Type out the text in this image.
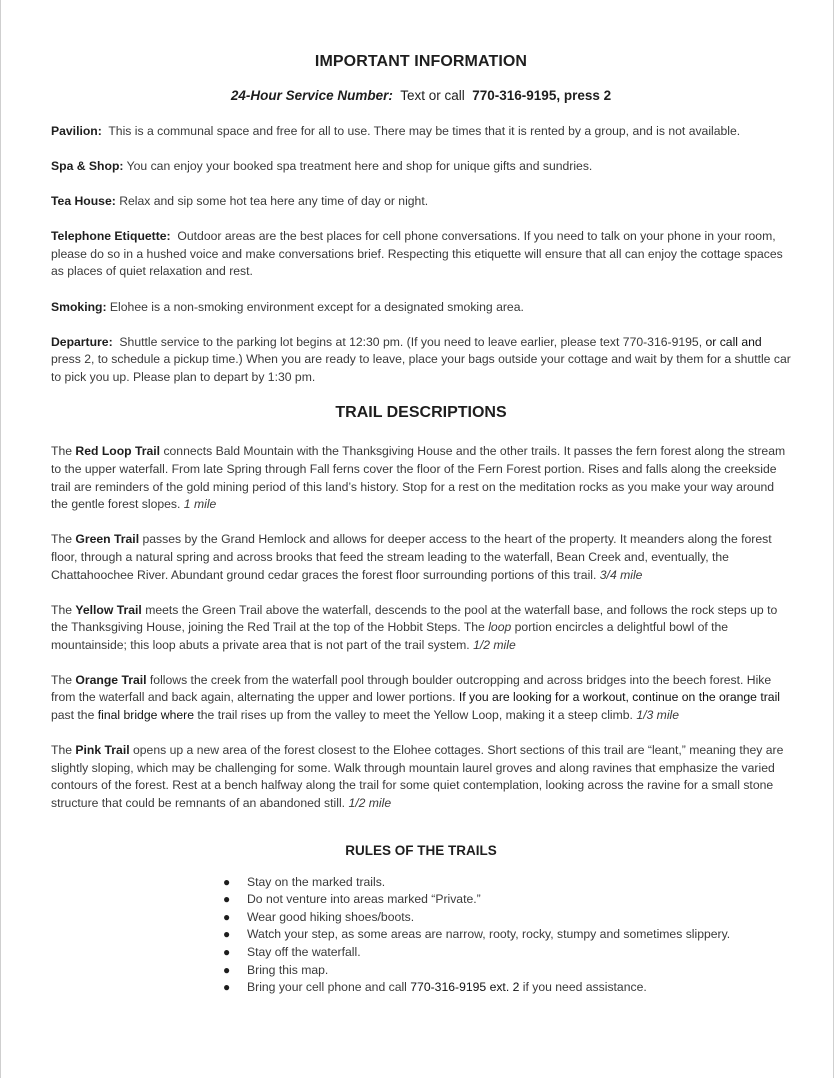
IMPORTANT INFORMATION
24-Hour Service Number: Text or call 770-316-9195, press 2

Pavilion: This is a communal space and free for all to use. There may be times that it is rented by a group, and is not available.

Spa & Shop: You can enjoy your booked spa treatment here and shop for unique gifts and sundries.

Tea House: Relax and sip some hot tea here any time of day or night.

Telephone Etiquette: Outdoor areas are the best places for cell phone conversations. If you need to talk on your phone in your room, please do so in a hushed voice and make conversations brief. Respecting this etiquette will ensure that all can enjoy the cottage spaces as places of quiet relaxation and rest.

Smoking: Elohee is a non-smoking environment except for a designated smoking area.

Departure: Shuttle service to the parking lot begins at 12:30 pm. (If you need to leave earlier, please text 770-316-9195, or call and press 2, to schedule a pickup time.) When you are ready to leave, place your bags outside your cottage and wait by them for a shuttle car to pick you up. Please plan to depart by 1:30 pm.

TRAIL DESCRIPTIONS

The Red Loop Trail connects Bald Mountain with the Thanksgiving House and the other trails. It passes the fern forest along the stream to the upper waterfall. From late Spring through Fall ferns cover the floor of the Fern Forest portion. Rises and falls along the creekside trail are reminders of the gold mining period of this land’s history. Stop for a rest on the meditation rocks as you make your way around the gentle forest slopes. 1 mile

The Green Trail passes by the Grand Hemlock and allows for deeper access to the heart of the property. It meanders along the forest floor, through a natural spring and across brooks that feed the stream leading to the waterfall, Bean Creek and, eventually, the Chattahoochee River. Abundant ground cedar graces the forest floor surrounding portions of this trail. 3/4 mile

The Yellow Trail meets the Green Trail above the waterfall, descends to the pool at the waterfall base, and follows the rock steps up to the Thanksgiving House, joining the Red Trail at the top of the Hobbit Steps. The loop portion encircles a delightful bowl of the mountainside; this loop abuts a private area that is not part of the trail system. 1/2 mile

The Orange Trail follows the creek from the waterfall pool through boulder outcropping and across bridges into the beech forest. Hike from the waterfall and back again, alternating the upper and lower portions. If you are looking for a workout, continue on the orange trail past the final bridge where the trail rises up from the valley to meet the Yellow Loop, making it a steep climb. 1/3 mile

The Pink Trail opens up a new area of the forest closest to the Elohee cottages. Short sections of this trail are “leant,” meaning they are slightly sloping, which may be challenging for some. Walk through mountain laurel groves and along ravines that emphasize the varied contours of the forest. Rest at a bench halfway along the trail for some quiet contemplation, looking across the ravine for a small stone structure that could be remnants of an abandoned still. 1/2 mile

RULES OF THE TRAILS
● Stay on the marked trails.
● Do not venture into areas marked “Private.”
● Wear good hiking shoes/boots.
● Watch your step, as some areas are narrow, rooty, rocky, stumpy and sometimes slippery.
● Stay off the waterfall.
● Bring this map.
● Bring your cell phone and call 770-316-9195 ext. 2 if you need assistance.
